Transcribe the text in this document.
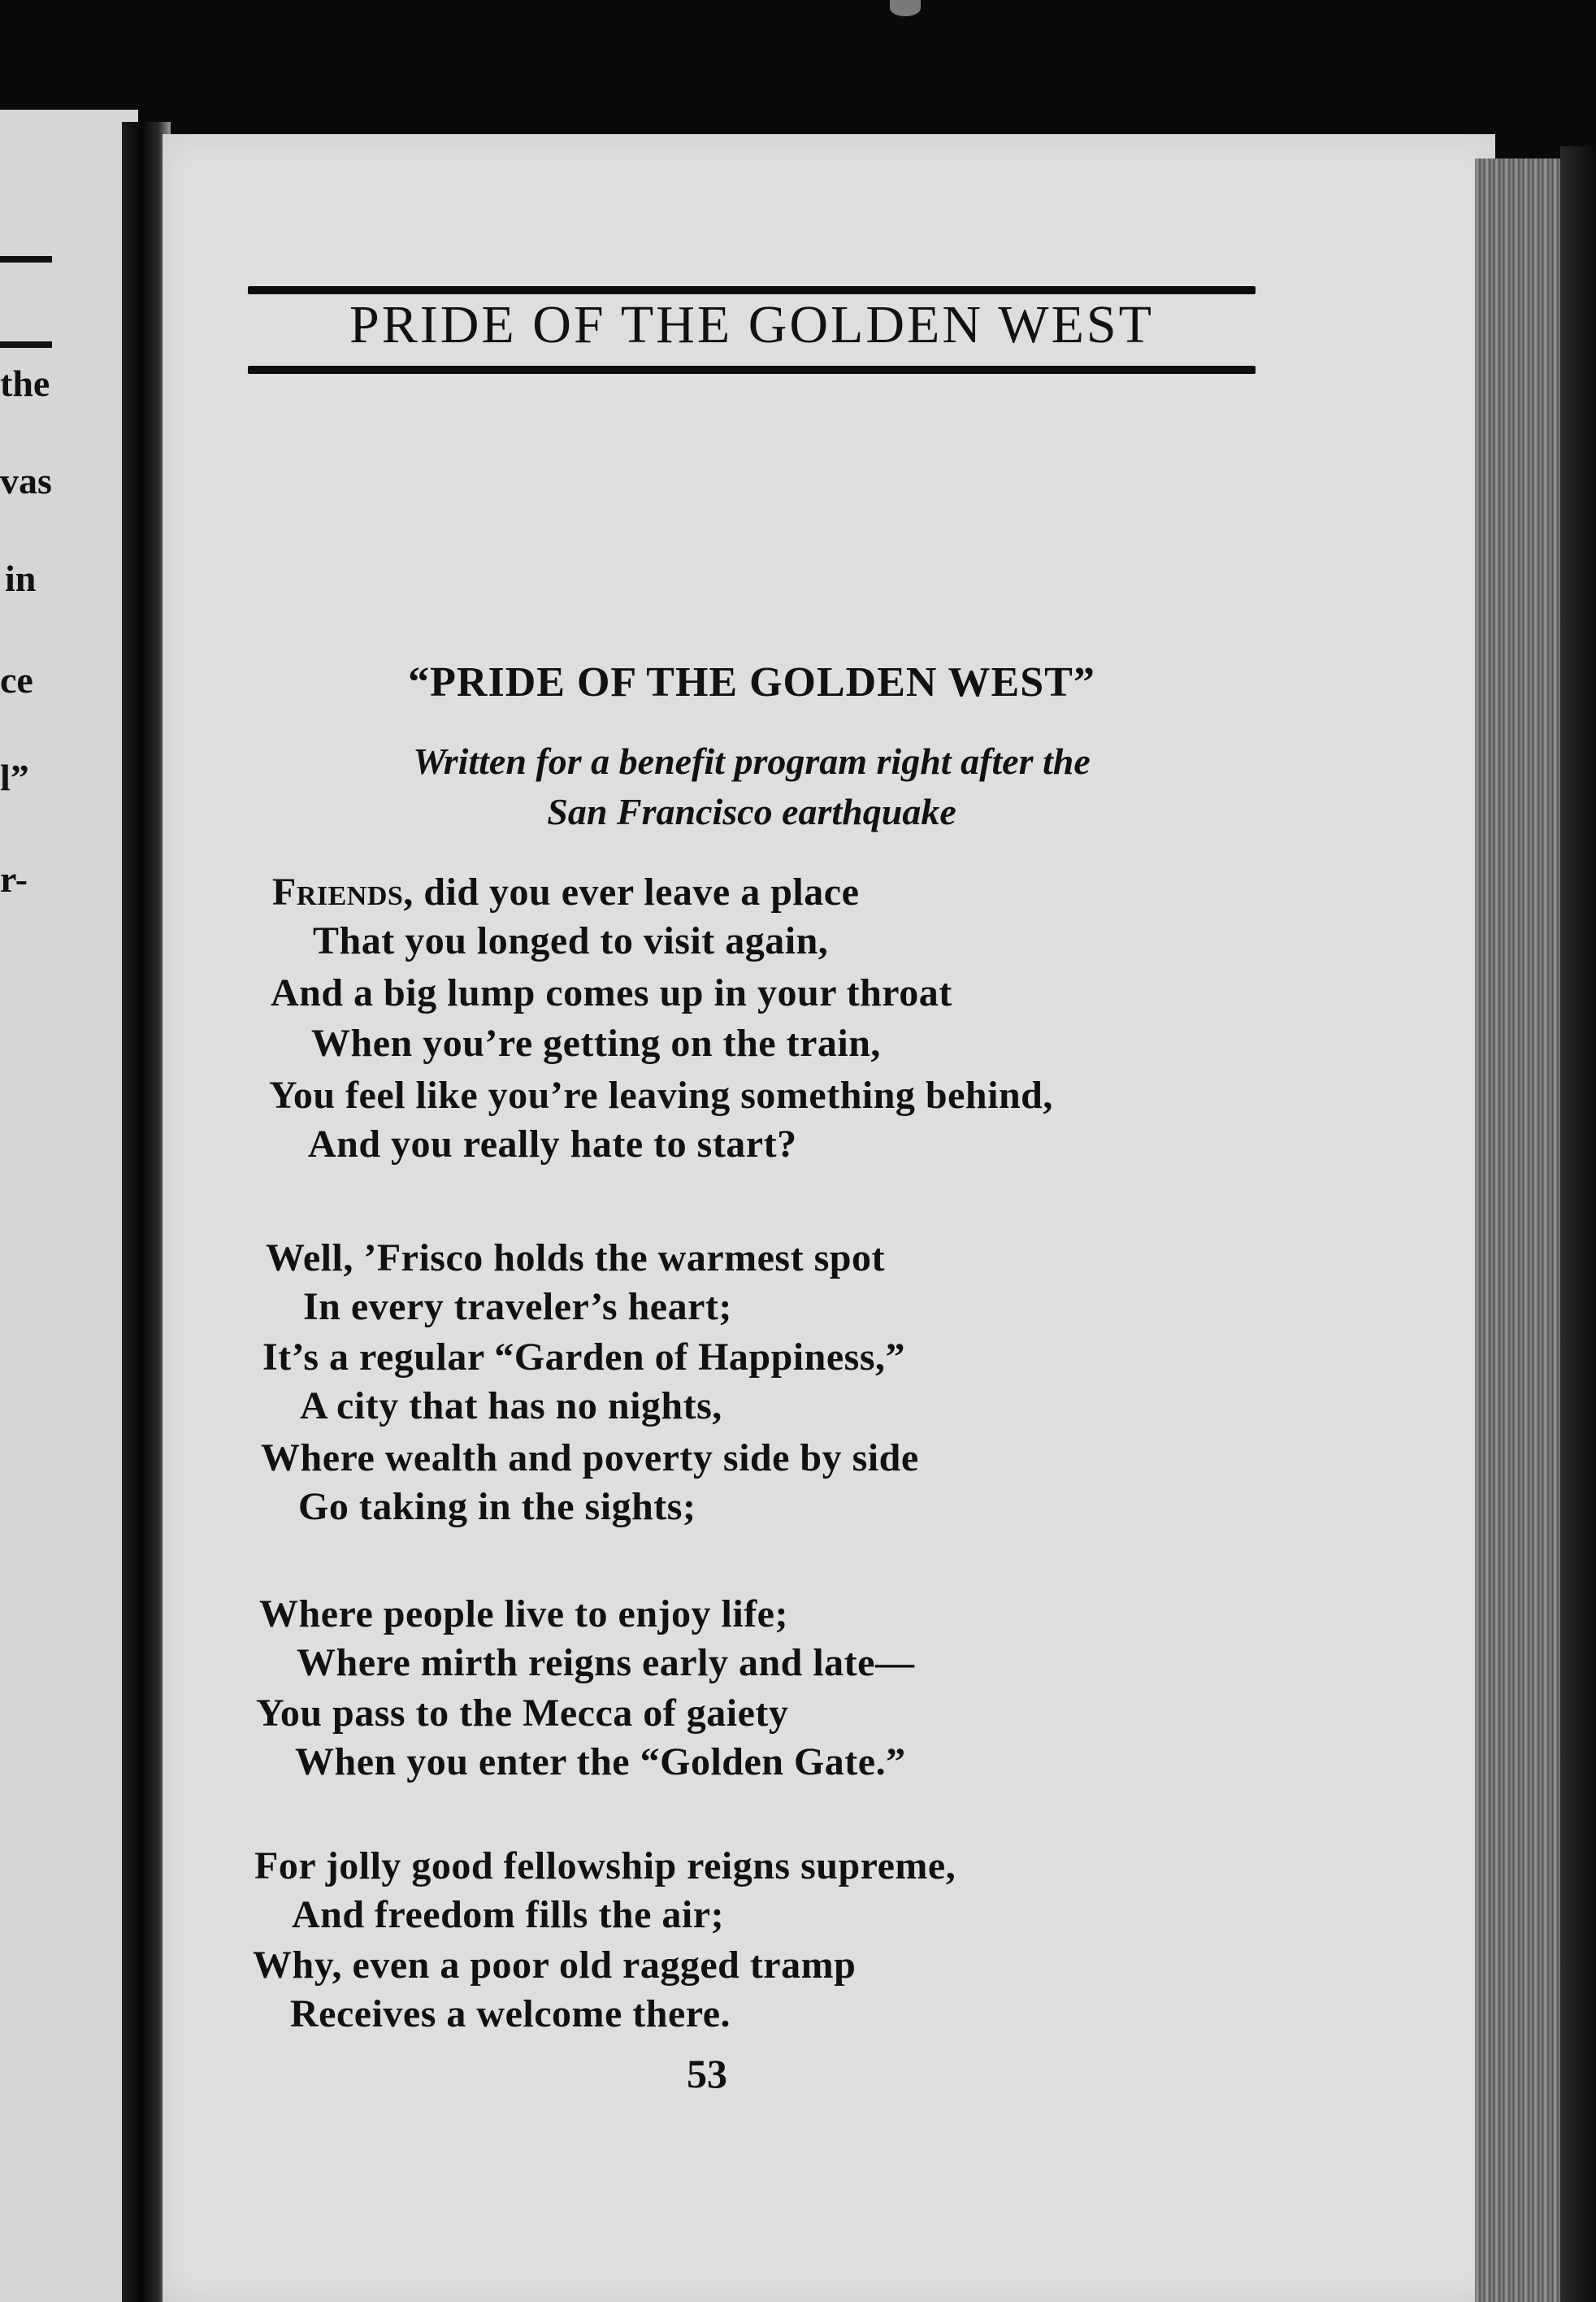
the
vas
in
ce
l”
r-
PRIDE OF THE GOLDEN WEST
“PRIDE OF THE GOLDEN WEST”
Written for a benefit program right after the
San Francisco earthquake
Friends, did you ever leave a place
That you longed to visit again,
And a big lump comes up in your throat
When you’re getting on the train,
You feel like you’re leaving something behind,
And you really hate to start?
Well, ’Frisco holds the warmest spot
In every traveler’s heart;
It’s a regular “Garden of Happiness,”
A city that has no nights,
Where wealth and poverty side by side
Go taking in the sights;
Where people live to enjoy life;
Where mirth reigns early and late—
You pass to the Mecca of gaiety
When you enter the “Golden Gate.”
For jolly good fellowship reigns supreme,
And freedom fills the air;
Why, even a poor old ragged tramp
Receives a welcome there.
53
